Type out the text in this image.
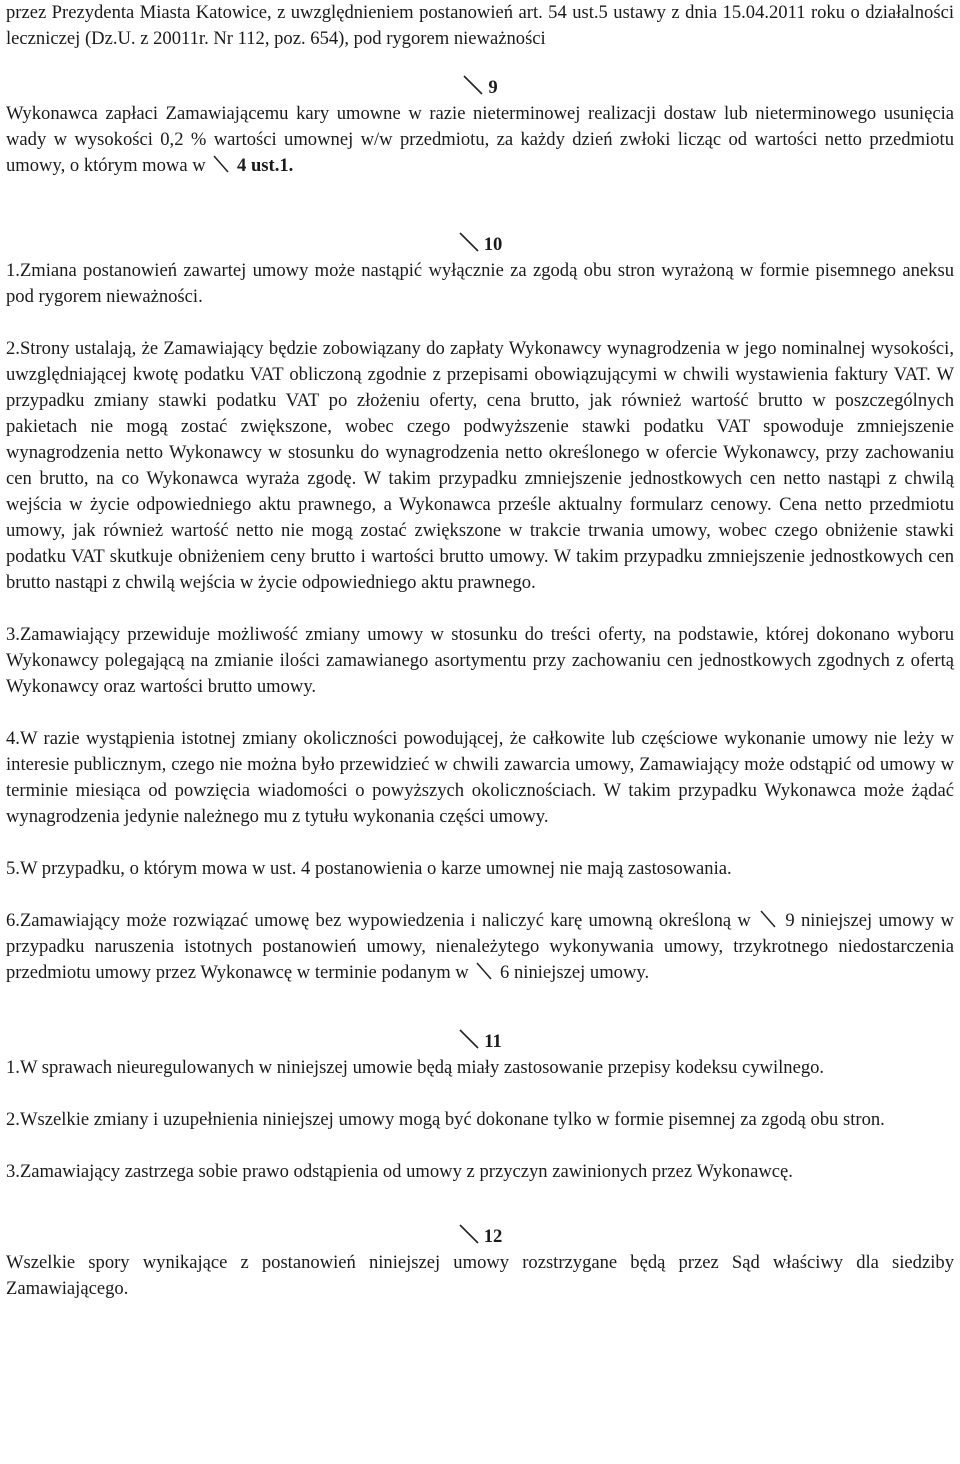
przez Prezydenta Miasta Katowice, z uwzględnieniem postanowień art. 54 ust.5 ustawy z dnia 15.04.2011 roku o działalności leczniczej (Dz.U. z 20011r. Nr 112, poz. 654), pod rygorem nieważności

9

Wykonawca zapłaci Zamawiającemu kary umowne w razie nieterminowej realizacji dostaw lub nieterminowego usunięcia wady w wysokości 0,2 % wartości umownej w/w przedmiotu, za każdy dzień zwłoki licząc od wartości netto przedmiotu umowy, o którym mowa w 4 ust.1.

10

1.Zmiana postanowień zawartej umowy może nastąpić wyłącznie za zgodą obu stron wyrażoną w formie pisemnego aneksu pod rygorem nieważności.

2.Strony ustalają, że Zamawiający będzie zobowiązany do zapłaty Wykonawcy wynagrodzenia w jego nominalnej wysokości, uwzględniającej kwotę podatku VAT obliczoną zgodnie z przepisami obowiązującymi w chwili wystawienia faktury VAT. W przypadku zmiany stawki podatku VAT po złożeniu oferty, cena brutto, jak również wartość brutto w poszczególnych pakietach nie mogą zostać zwiększone, wobec czego podwyższenie stawki podatku VAT spowoduje zmniejszenie wynagrodzenia netto Wykonawcy w stosunku do wynagrodzenia netto określonego w ofercie Wykonawcy, przy zachowaniu cen brutto, na co Wykonawca wyraża zgodę. W takim przypadku zmniejszenie jednostkowych cen netto nastąpi z chwilą wejścia w życie odpowiedniego aktu prawnego, a Wykonawca prześle aktualny formularz cenowy. Cena netto przedmiotu umowy, jak również wartość netto nie mogą zostać zwiększone w trakcie trwania umowy, wobec czego obniżenie stawki podatku VAT skutkuje obniżeniem ceny brutto i wartości brutto umowy. W takim przypadku zmniejszenie jednostkowych cen brutto nastąpi z chwilą wejścia w życie odpowiedniego aktu prawnego.

3.Zamawiający przewiduje możliwość zmiany umowy w stosunku do treści oferty, na podstawie, której dokonano wyboru Wykonawcy polegającą na zmianie ilości zamawianego asortymentu przy zachowaniu cen jednostkowych zgodnych z ofertą Wykonawcy oraz wartości brutto umowy.

4.W razie wystąpienia istotnej zmiany okoliczności powodującej, że całkowite lub częściowe wykonanie umowy nie leży w interesie publicznym, czego nie można było przewidzieć w chwili zawarcia umowy, Zamawiający może odstąpić od umowy w terminie miesiąca od powzięcia wiadomości o powyższych okolicznościach. W takim przypadku Wykonawca może żądać wynagrodzenia jedynie należnego mu z tytułu wykonania części umowy.

5.W przypadku, o którym mowa w ust. 4 postanowienia o karze umownej nie mają zastosowania.

6.Zamawiający może rozwiązać umowę bez wypowiedzenia i naliczyć karę umowną określoną w 9 niniejszej umowy w przypadku naruszenia istotnych postanowień umowy, nienależytego wykonywania umowy, trzykrotnego niedostarczenia przedmiotu umowy przez Wykonawcę w terminie podanym w 6 niniejszej umowy.

11

1.W sprawach nieuregulowanych w niniejszej umowie będą miały zastosowanie przepisy kodeksu cywilnego.

2.Wszelkie zmiany i uzupełnienia niniejszej umowy mogą być dokonane tylko w formie pisemnej za zgodą obu stron.

3.Zamawiający zastrzega sobie prawo odstąpienia od umowy z przyczyn zawinionych przez Wykonawcę.

12

Wszelkie spory wynikające z postanowień niniejszej umowy rozstrzygane będą przez Sąd właściwy dla siedziby Zamawiającego.
